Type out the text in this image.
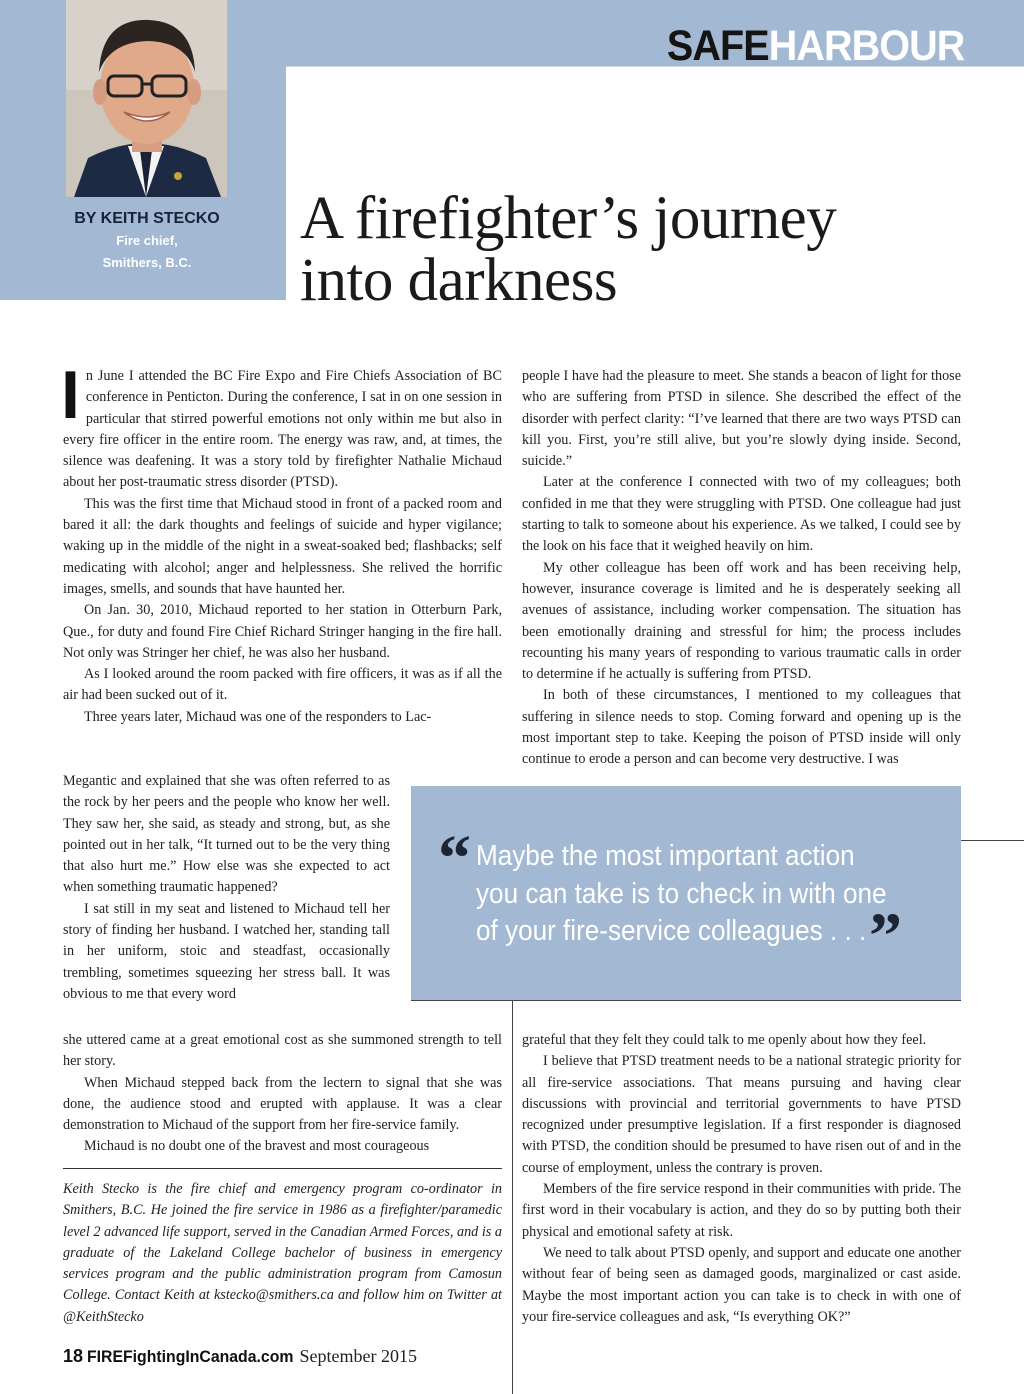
SAFEHARBOUR
BY KEITH STECKO
Fire chief,
Smithers, B.C.
A firefighter’s journey
into darkness
I n June I attended the BC Fire Expo and Fire Chiefs Association of BC conference in Penticton. During the conference, I sat in on one session in particular that stirred powerful emotions not only within me but also in every fire officer in the entire room. The energy was raw, and, at times, the silence was deafening. It was a story told by firefighter Nathalie Michaud about her post-traumatic stress disorder (PTSD).

This was the first time that Michaud stood in front of a packed room and bared it all: the dark thoughts and feelings of suicide and hyper vigilance; waking up in the middle of the night in a sweat-soaked bed; flashbacks; self medicating with alcohol; anger and helplessness. She relived the horrific images, smells, and sounds that have haunted her.

On Jan. 30, 2010, Michaud reported to her station in Otterburn Park, Que., for duty and found Fire Chief Richard Stringer hanging in the fire hall. Not only was Stringer her chief, he was also her husband.

As I looked around the room packed with fire officers, it was as if all the air had been sucked out of it.

Three years later, Michaud was one of the responders to Lac-

Megantic and explained that she was often referred to as the rock by her peers and the people who know her well. They saw her, she said, as steady and strong, but, as she pointed out in her talk, “It turned out to be the very thing that also hurt me.” How else was she expected to act when something traumatic happened?

I sat still in my seat and listened to Michaud tell her story of finding her husband. I watched her, standing tall in her uniform, stoic and steadfast, occasionally trembling, sometimes squeezing her stress ball. It was obvious to me that every word

she uttered came at a great emotional cost as she summoned strength to tell her story.

When Michaud stepped back from the lectern to signal that she was done, the audience stood and erupted with applause. It was a clear demonstration to Michaud of the support from her fire-service family.

Michaud is no doubt one of the bravest and most courageous

people I have had the pleasure to meet. She stands a beacon of light for those who are suffering from PTSD in silence. She described the effect of the disorder with perfect clarity: “I’ve learned that there are two ways PTSD can kill you. First, you’re still alive, but you’re slowly dying inside. Second, suicide.”

Later at the conference I connected with two of my colleagues; both confided in me that they were struggling with PTSD. One colleague had just starting to talk to someone about his experience. As we talked, I could see by the look on his face that it weighed heavily on him.

My other colleague has been off work and has been receiving help, however, insurance coverage is limited and he is desperately seeking all avenues of assistance, including worker compensation. The situation has been emotionally draining and stressful for him; the process includes recounting his many years of responding to various traumatic calls in order to determine if he actually is suffering from PTSD.

In both of these circumstances, I mentioned to my colleagues that suffering in silence needs to stop. Coming forward and opening up is the most important step to take. Keeping the poison of PTSD inside will only continue to erode a person and can become very destructive. I was

grateful that they felt they could talk to me openly about how they feel.

I believe that PTSD treatment needs to be a national strategic priority for all fire-service associations. That means pursuing and having clear discussions with provincial and territorial governments to have PTSD recognized under presumptive legislation. If a first responder is diagnosed with PTSD, the condition should be presumed to have risen out of and in the course of employment, unless the contrary is proven.

Members of the fire service respond in their communities with pride. The first word in their vocabulary is action, and they do so by putting both their physical and emotional safety at risk.

We need to talk about PTSD openly, and support and educate one another without fear of being seen as damaged goods, marginalized or cast aside. Maybe the most important action you can take is to check in with one of your fire-service colleagues and ask, “Is everything OK?”

“ Maybe the most important action you can take is to check in with one of your fire-service colleagues . . . ”

Keith Stecko is the fire chief and emergency program co-ordinator in Smithers, B.C. He joined the fire service in 1986 as a firefighter/paramedic level 2 advanced life support, served in the Canadian Armed Forces, and is a graduate of the Lakeland College bachelor of business in emergency services program and the public administration program from Camosun College. Contact Keith at kstecko@smithers.ca and follow him on Twitter at @KeithStecko

18 FIREFightingInCanada.com September 2015
